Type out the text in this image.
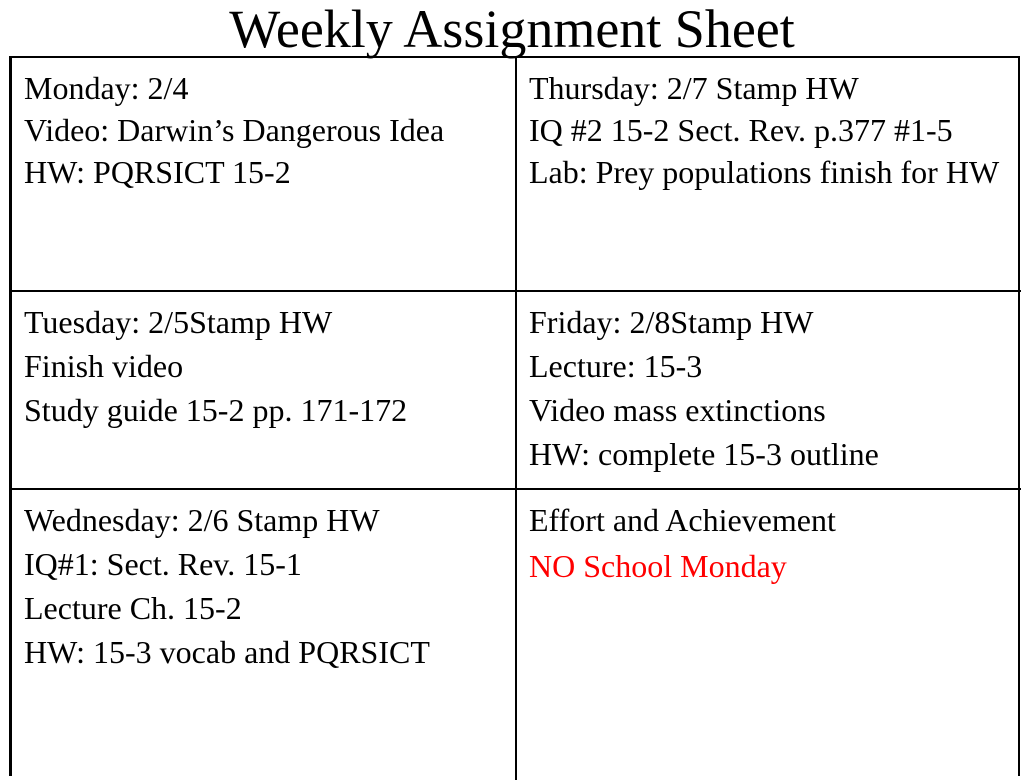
Weekly Assignment Sheet
Monday: 2/4
Video: Darwin’s Dangerous Idea
HW: PQRSICT 15-2
Thursday: 2/7 Stamp HW
IQ #2 15-2 Sect. Rev. p.377 #1-5
Lab: Prey populations finish for HW
Tuesday: 2/5Stamp HW
Finish video
Study guide 15-2 pp. 171-172
Friday: 2/8Stamp HW
Lecture: 15-3
Video mass extinctions
HW: complete 15-3 outline
Wednesday: 2/6 Stamp HW
IQ#1: Sect. Rev. 15-1
Lecture Ch. 15-2
HW: 15-3 vocab and PQRSICT
Effort and Achievement
NO School Monday
